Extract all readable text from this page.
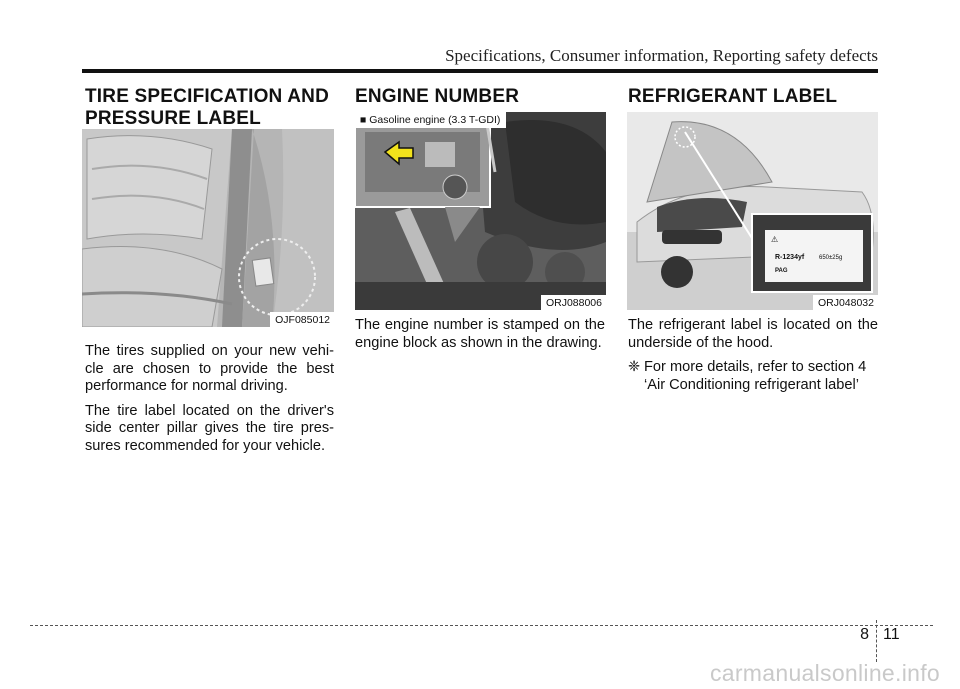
Specifications, Consumer information, Reporting safety defects
TIRE SPECIFICATION AND
PRESSURE LABEL
OJF085012

The tires supplied on your new vehi-cle are chosen to provide the best performance for normal driving.

The tire label located on the driver's side center pillar gives the tire pres-sures recommended for your vehicle.

ENGINE NUMBER
■ Gasoline engine (3.3 T-GDI)
ORJ088006

The engine number is stamped on the engine block as shown in the drawing.

REFRIGERANT LABEL
⚠
R-1234yf 650±25g
PAG
ORJ048032

The refrigerant label is located on the underside of the hood.

❈ For more details, refer to section 4 ‘Air Conditioning refrigerant label’
8 11
carmanualsonline.info
